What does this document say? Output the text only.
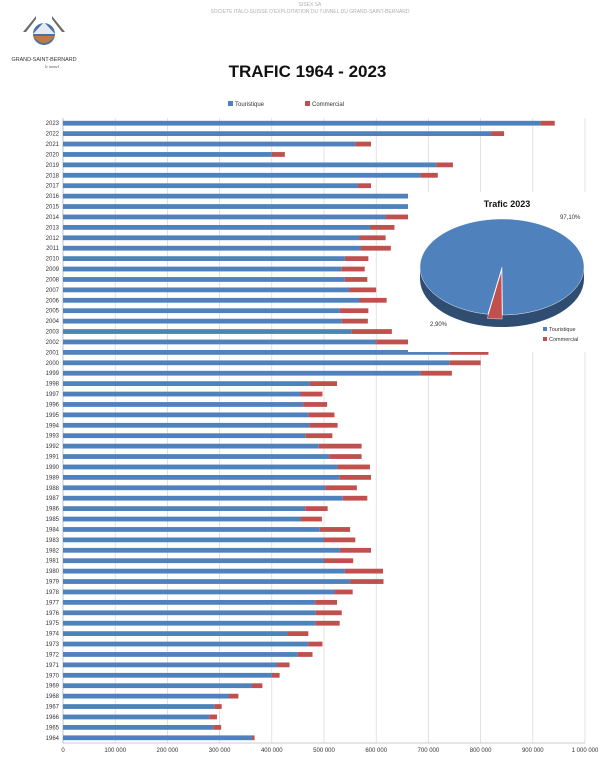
GRAND-SAINT-BERNARD
le tunnel
SISEX SA
SOCIETE ITALO-SUISSE D'EXPLOITATION DU TUNNEL DU GRAND-SAINT-BERNARD
TRAFIC 1964 - 2023
Touristique	Commercial
2023
2022
2021
2020
2019
2018
2017
2016
2015
2014
2013
2012
2011
2010
2009
2008
2007
2006
2005
2004
2003
2002
2001
2000
1999
1998
1997
1996
1995
1994
1993
1992
1991
1990
1989
1988
1987
1986
1985
1984
1983
1982
1981
1980
1979
1978
1977
1976
1975
1974
1973
1972
1971
1970
1969
1968
1967
1966
1965
1964
0	100 000	200 000	300 000	400 000	500 000	600 000	700 000	800 000	900 000	1 000 000
Trafic 2023
97,10%
2,90%
Touristique
Commercial
